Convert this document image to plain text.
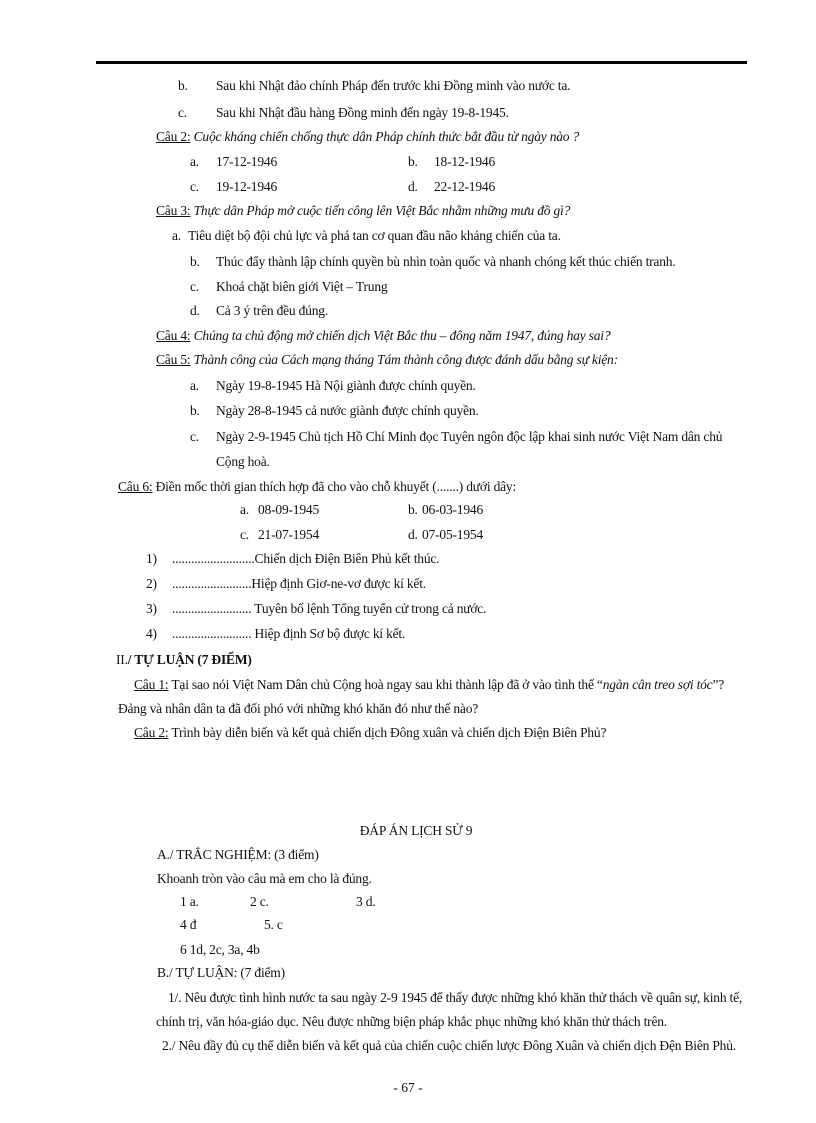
b. Sau khi Nhật đảo chính Pháp đến trước khi Đồng minh vào nước ta.
c. Sau khi Nhật đầu hàng Đồng minh đến ngày 19-8-1945.
Câu 2: Cuộc kháng chiến chống thực dân Pháp chính thức bắt đầu từ ngày nào ?
a. 17-12-1946	b. 18-12-1946
c. 19-12-1946	d. 22-12-1946
Câu 3: Thực dân Pháp mở cuộc tiến công lên Việt Bắc nhằm những mưu đồ gì?
a. Tiêu diệt bộ đội chủ lực và phá tan cơ quan đầu não kháng chiến của ta.
b. Thúc đẩy thành lập chính quyền bù nhìn toàn quốc và nhanh chóng kết thúc chiến tranh.
c. Khoá chặt biên giới Việt – Trung
d. Cả 3 ý trên đều đúng.
Câu 4: Chúng ta chủ động mở chiến dịch Việt Bắc thu – đông năm 1947, đúng hay sai?
Câu 5: Thành công của Cách mạng tháng Tám thành công được đánh dấu bằng sự kiện:
a. Ngày 19-8-1945 Hà Nội giành được chính quyền.
b. Ngày 28-8-1945 cả nước giành được chính quyền.
c. Ngày 2-9-1945 Chủ tịch Hồ Chí Minh đọc Tuyên ngôn độc lập khai sinh nước Việt Nam dân chủ
Cộng hoà.
Câu 6: Điền mốc thời gian thích hợp đã cho vào chỗ khuyết (.......) dưới dây:
a. 08-09-1945	b. 06-03-1946
c. 21-07-1954	d. 07-05-1954
1) ..........................Chiến dịch Điện Biên Phủ kết thúc.
2) .........................Hiệp định Giơ-ne-vơ được kí kết.
3) ......................... Tuyên bố lệnh Tổng tuyển cử trong cả nước.
4) ......................... Hiệp định Sơ bộ được kí kết.
II./ TỰ LUẬN (7 ĐIỂM)
Câu 1: Tại sao nói Việt Nam Dân chủ Cộng hoà ngay sau khi thành lập đã ở vào tình thế “ngàn cân treo sợi tóc”?
Đảng và nhân dân ta đã đối phó với những khó khăn đó như thế nào?
Câu 2: Trình bày diễn biến và kết quả chiến dịch Đông xuân và chiến dịch Điện Biên Phủ?
ĐÁP ÁN LỊCH SỬ 9
A./ TRẮC NGHIỆM: (3 điểm)
Khoanh tròn vào câu mà em cho là đúng.
1 a.	2 c.	3 d.
4 đ	5. c
6 1d, 2c, 3a, 4b
B./ TỰ LUẬN: (7 điểm)
1/. Nêu được tình hình nước ta sau ngày 2-9 1945 để thấy được những khó khăn thử thách về quân sự, kinh tế,
chính trị, văn hóa-giáo dục. Nêu được những biện pháp khắc phục những khó khăn thử thách trên.
2./ Nêu đầy đủ cụ thể diễn biến và kết quả của chiến cuộc chiến lược Đông Xuân và chiến dịch Đện Biên Phủ.
- 67 -
